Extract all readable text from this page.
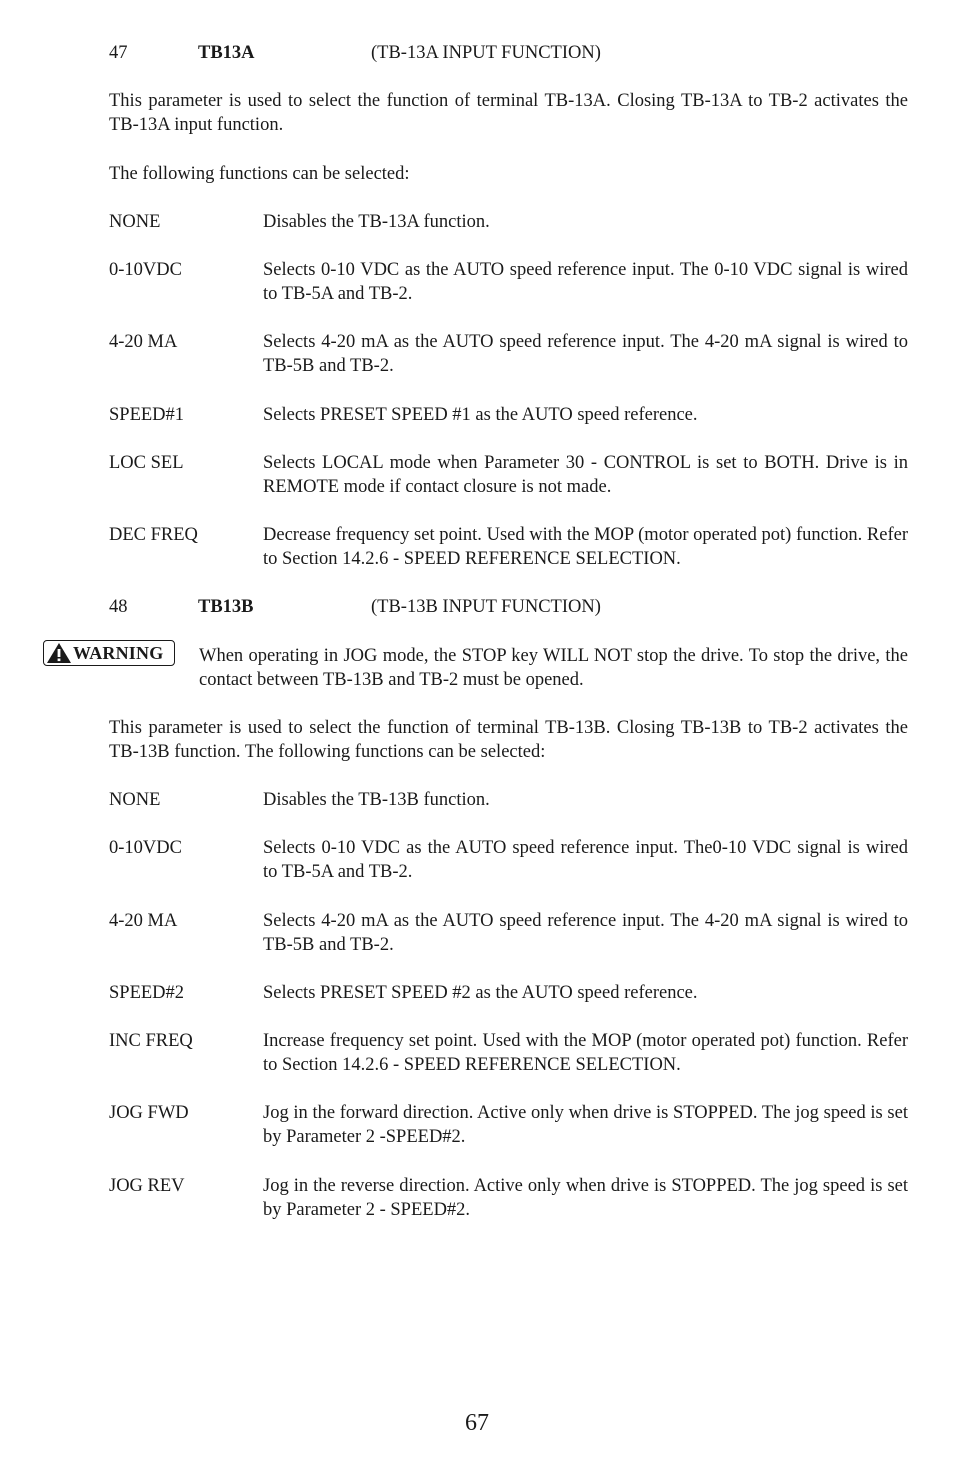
47	TB13A	(TB-13A INPUT FUNCTION)

This parameter is used to select the function of terminal TB-13A. Closing TB-13A to TB-2 activates the TB-13A input function.

The following functions can be selected:

NONE	Disables the TB-13A function.
0-10VDC	Selects 0-10 VDC as the AUTO speed reference input. The 0-10 VDC signal is wired to TB-5A and TB-2.
4-20 MA	Selects 4-20 mA as the AUTO speed reference input. The 4-20 mA signal is wired to TB-5B and TB-2.
SPEED#1	Selects PRESET SPEED #1 as the AUTO speed reference.
LOC SEL	Selects LOCAL mode when Parameter 30 - CONTROL is set to BOTH. Drive is in REMOTE mode if contact closure is not made.
DEC FREQ	Decrease frequency set point. Used with the MOP (motor operated pot) function. Refer to Section 14.2.6 - SPEED REFERENCE SELECTION.
48	TB13B	(TB-13B INPUT FUNCTION)
WARNING When operating in JOG mode, the STOP key WILL NOT stop the drive. To stop the drive, the contact between TB-13B and TB-2 must be opened.

This parameter is used to select the function of terminal TB-13B. Closing TB-13B to TB-2 activates the TB-13B function. The following functions can be selected:

NONE	Disables the TB-13B function.
0-10VDC	Selects 0-10 VDC as the AUTO speed reference input. The0-10 VDC signal is wired to TB-5A and TB-2.
4-20 MA	Selects 4-20 mA as the AUTO speed reference input. The 4-20 mA signal is wired to TB-5B and TB-2.
SPEED#2	Selects PRESET SPEED #2 as the AUTO speed reference.
INC FREQ	Increase frequency set point. Used with the MOP (motor operated pot) function. Refer to Section 14.2.6 - SPEED REFERENCE SELECTION.
JOG FWD	Jog in the forward direction. Active only when drive is STOPPED. The jog speed is set by Parameter 2 -SPEED#2.
JOG REV	Jog in the reverse direction. Active only when drive is STOPPED. The jog speed is set by Parameter 2 - SPEED#2.
67
